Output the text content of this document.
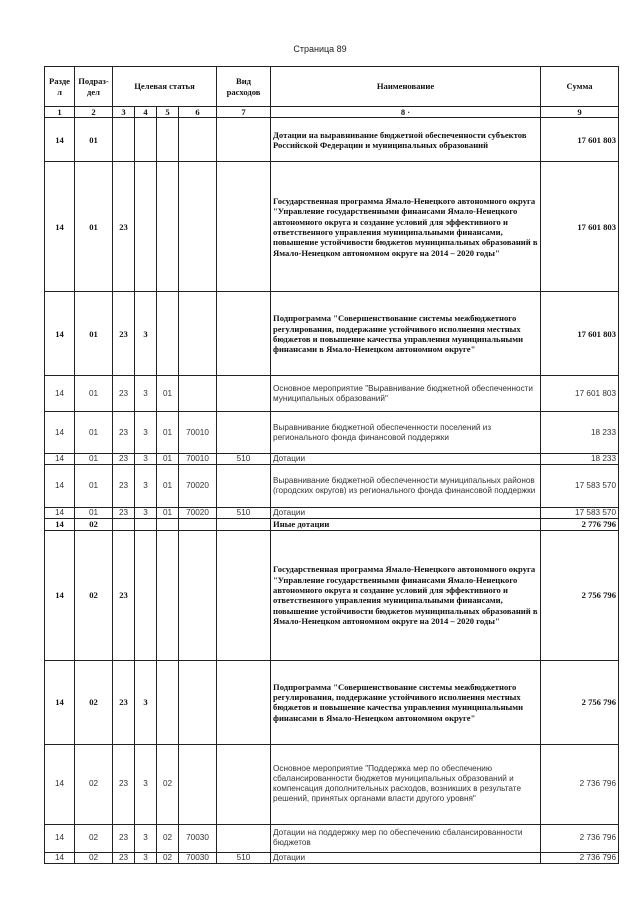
Страница 89
Разде л	Подраз-дел	Целевая статья				Вид расходов	Наименование	Сумма
1	2	3	4	5	6	7	8 ·	9
14	01						Дотации на выравнивание бюджетной обеспеченности субъектов Российской Федерации и муниципальных образований	17 601 803
14	01	23					Государственная программа Ямало-Ненецкого автономного округа "Управление государственными финансами Ямало-Ненецкого автономного округа и создание условий для эффективного и ответственного управления муниципальными финансами, повышение устойчивости бюджетов муниципальных образований в Ямало-Ненецком автономном округе на 2014 – 2020 годы"	17 601 803
14	01	23	3				Подпрограмма "Совершенствование системы межбюджетного регулирования, поддержание устойчивого исполнения местных бюджетов и повышение качества управления муниципальными финансами в Ямало-Ненецком автономном округе"	17 601 803
14	01	23	3	01			Основное мероприятие "Выравнивание бюджетной обеспеченности муниципальных образований"	17 601 803
14	01	23	3	01	70010		Выравнивание бюджетной обеспеченности поселений из регионального фонда финансовой поддержки	18 233
14	01	23	3	01	70010	510	Дотации	18 233
14	01	23	3	01	70020		Выравнивание бюджетной обеспеченности муниципальных районов (городских округов) из регионального фонда финансовой поддержки	17 583 570
14	01	23	3	01	70020	510	Дотации	17 583 570
14	02						Иные дотации	2 776 796
14	02	23					Государственная программа Ямало-Ненецкого автономного округа "Управление государственными финансами Ямало-Ненецкого автономного округа и создание условий для эффективного и ответственного управления муниципальными финансами, повышение устойчивости бюджетов муниципальных образований в Ямало-Ненецком автономном округе на 2014 – 2020 годы"	2 756 796
14	02	23	3				Подпрограмма "Совершенствование системы межбюджетного регулирования, поддержание устойчивого исполнения местных бюджетов и повышение качества управления муниципальными финансами в Ямало-Ненецком автономном округе"	2 756 796
14	02	23	3	02			Основное мероприятие "Поддержка мер по обеспечению сбалансированности бюджетов муниципальных образований и компенсация дополнительных расходов, возникших в результате решений, принятых органами власти другого уровня"	2 736 796
14	02	23	3	02	70030		Дотации на поддержку мер по обеспечению сбалансированности бюджетов	2 736 796
14	02	23	3	02	70030	510	Дотации	2 736 796
